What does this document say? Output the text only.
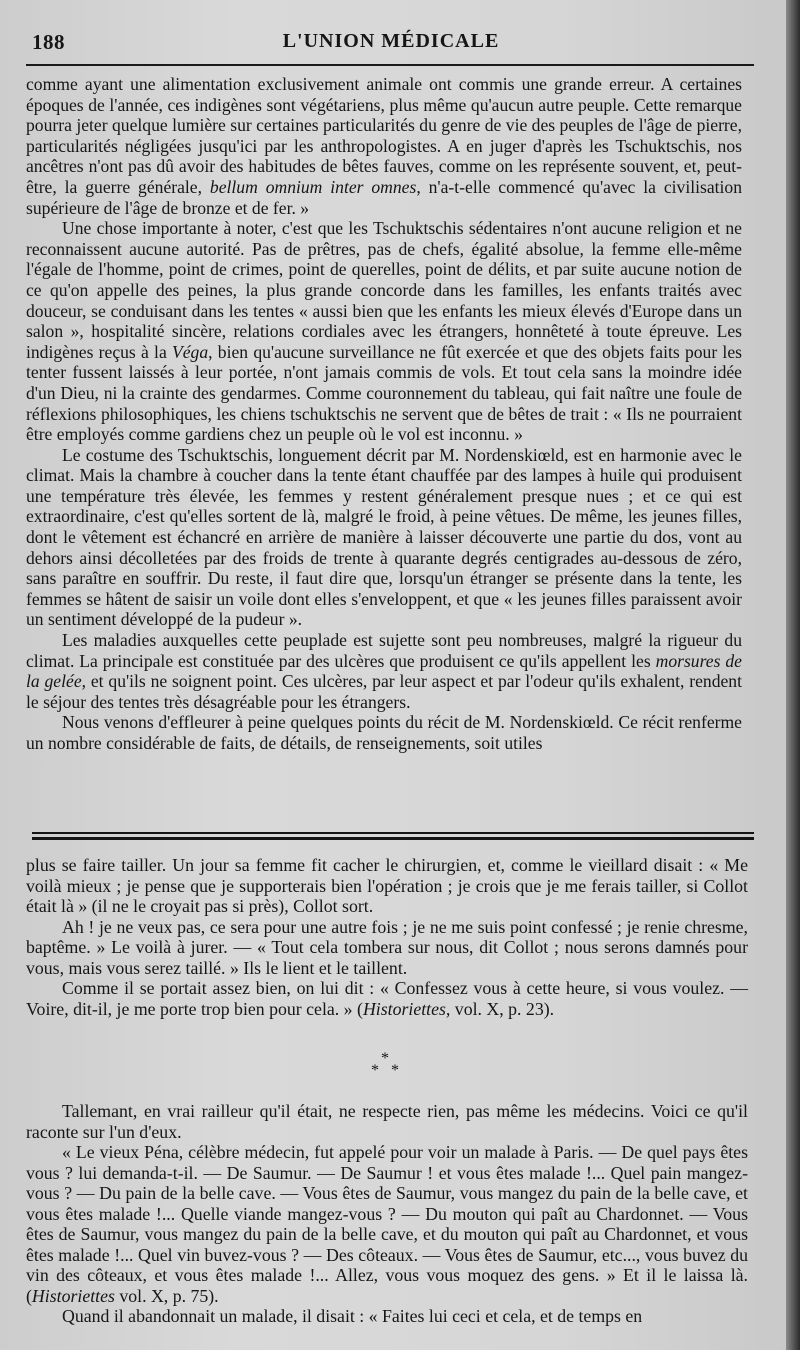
188	L'UNION MÉDICALE

comme ayant une alimentation exclusivement animale ont commis une grande erreur. A certaines époques de l'année, ces indigènes sont végétariens, plus même qu'aucun autre peuple. Cette remarque pourra jeter quelque lumière sur certaines particularités du genre de vie des peuples de l'âge de pierre, particularités négligées jusqu'ici par les anthropologistes. A en juger d'après les Tschuktschis, nos ancêtres n'ont pas dû avoir des habitudes de bêtes fauves, comme on les représente souvent, et, peut-être, la guerre générale, bellum omnium inter omnes, n'a-t-elle commencé qu'avec la civilisation supérieure de l'âge de bronze et de fer. »

Une chose importante à noter, c'est que les Tschuktschis sédentaires n'ont aucune religion et ne reconnaissent aucune autorité. Pas de prêtres, pas de chefs, égalité absolue, la femme elle-même l'égale de l'homme, point de crimes, point de querelles, point de délits, et par suite aucune notion de ce qu'on appelle des peines, la plus grande concorde dans les familles, les enfants traités avec douceur, se conduisant dans les tentes « aussi bien que les enfants les mieux élevés d'Europe dans un salon », hospitalité sincère, relations cordiales avec les étrangers, honnêteté à toute épreuve. Les indigènes reçus à la Véga, bien qu'aucune surveillance ne fût exercée et que des objets faits pour les tenter fussent laissés à leur portée, n'ont jamais commis de vols. Et tout cela sans la moindre idée d'un Dieu, ni la crainte des gendarmes. Comme couronnement du tableau, qui fait naître une foule de réflexions philosophiques, les chiens tschuktschis ne servent que de bêtes de trait : « Ils ne pourraient être employés comme gardiens chez un peuple où le vol est inconnu. »

Le costume des Tschuktschis, longuement décrit par M. Nordenskiœld, est en harmonie avec le climat. Mais la chambre à coucher dans la tente étant chauffée par des lampes à huile qui produisent une température très élevée, les femmes y restent généralement presque nues ; et ce qui est extraordinaire, c'est qu'elles sortent de là, malgré le froid, à peine vêtues. De même, les jeunes filles, dont le vêtement est échancré en arrière de manière à laisser découverte une partie du dos, vont au dehors ainsi décolletées par des froids de trente à quarante degrés centigrades au-dessous de zéro, sans paraître en souffrir. Du reste, il faut dire que, lorsqu'un étranger se présente dans la tente, les femmes se hâtent de saisir un voile dont elles s'enveloppent, et que « les jeunes filles paraissent avoir un sentiment développé de la pudeur ».

Les maladies auxquelles cette peuplade est sujette sont peu nombreuses, malgré la rigueur du climat. La principale est constituée par des ulcères que produisent ce qu'ils appellent les morsures de la gelée, et qu'ils ne soignent point. Ces ulcères, par leur aspect et par l'odeur qu'ils exhalent, rendent le séjour des tentes très désagréable pour les étrangers.

Nous venons d'effleurer à peine quelques points du récit de M. Nordenskiœld. Ce récit renferme un nombre considérable de faits, de détails, de renseignements, soit utiles

plus se faire tailler. Un jour sa femme fit cacher le chirurgien, et, comme le vieillard disait : « Me voilà mieux ; je pense que je supporterais bien l'opération ; je crois que je me ferais tailler, si Collot était là » (il ne le croyait pas si près), Collot sort.

Ah ! je ne veux pas, ce sera pour une autre fois ; je ne me suis point confessé ; je renie chresme, baptême. » Le voilà à jurer. — « Tout cela tombera sur nous, dit Collot ; nous serons damnés pour vous, mais vous serez taillé. » Ils le lient et le taillent.

Comme il se portait assez bien, on lui dit : « Confessez vous à cette heure, si vous voulez. — Voire, dit-il, je me porte trop bien pour cela. » (Historiettes, vol. X, p. 23).

*
* *

Tallemant, en vrai railleur qu'il était, ne respecte rien, pas même les médecins. Voici ce qu'il raconte sur l'un d'eux.

« Le vieux Péna, célèbre médecin, fut appelé pour voir un malade à Paris. — De quel pays êtes vous ? lui demanda-t-il. — De Saumur. — De Saumur ! et vous êtes malade !... Quel pain mangez-vous ? — Du pain de la belle cave. — Vous êtes de Saumur, vous mangez du pain de la belle cave, et vous êtes malade !... Quelle viande mangez-vous ? — Du mouton qui paît au Chardonnet. — Vous êtes de Saumur, vous mangez du pain de la belle cave, et du mouton qui paît au Chardonnet, et vous êtes malade !... Quel vin buvez-vous ? — Des côteaux. — Vous êtes de Saumur, etc..., vous buvez du vin des côteaux, et vous êtes malade !... Allez, vous vous moquez des gens. » Et il le laissa là. (Historiettes vol. X, p. 75).

Quand il abandonnait un malade, il disait : « Faites lui ceci et cela, et de temps en
